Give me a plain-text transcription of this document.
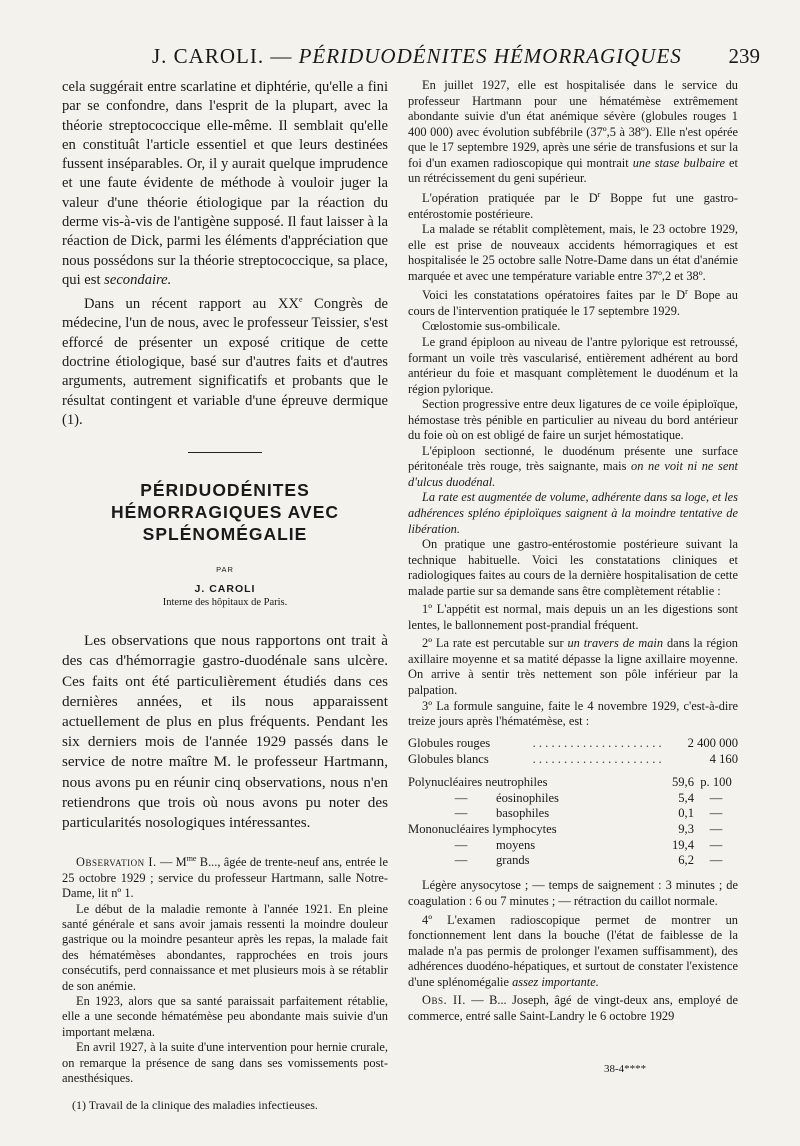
J. CAROLI. — PÉRIDUODÉNITES HÉMORRAGIQUES 239

cela suggérait entre scarlatine et diphtérie, qu'elle a fini par se confondre, dans l'esprit de la plupart, avec la théorie streptococcique elle-même. Il semblait qu'elle en constituât l'article essentiel et que leurs destinées fussent inséparables. Or, il y aurait quelque imprudence et une faute évidente de méthode à vouloir juger la valeur d'une théorie étiologique par la réaction du derme vis-à-vis de l'antigène supposé. Il faut laisser à la réaction de Dick, parmi les éléments d'appréciation que nous possédons sur la théorie streptococcique, sa place, qui est secondaire.

Dans un récent rapport au XXe Congrès de médecine, l'un de nous, avec le professeur Teissier, s'est efforcé de présenter un exposé critique de cette doctrine étiologique, basé sur d'autres faits et d'autres arguments, autrement significatifs et probants que le résultat contingent et variable d'une épreuve dermique (1).

PÉRIDUODÉNITES
HÉMORRAGIQUES AVEC
SPLÉNOMÉGALIE
PAR
J. CAROLI
Interne des hôpitaux de Paris.

Les observations que nous rapportons ont trait à des cas d'hémorragie gastro-duodénale sans ulcère. Ces faits ont été particulièrement étudiés dans ces dernières années, et ils nous apparaissent actuellement de plus en plus fréquents. Pendant les six derniers mois de l'année 1929 passés dans le service de notre maître M. le professeur Hartmann, nous avons pu en réunir cinq observations, nous n'en retiendrons que trois où nous avons pu noter des particularités nosologiques intéressantes.

Observation I. — $M^{me}$ B..., âgée de trente-neuf ans, entrée le 25 octobre 1929 ; service du professeur Hartmann, salle Notre-Dame, lit nº 1.

Le début de la maladie remonte à l'année 1921. En pleine santé générale et sans avoir jamais ressenti la moindre douleur gastrique ou la moindre pesanteur après les repas, la malade fait des hématémèses abondantes, rapprochées en trois jours consécutifs, perd connaissance et met plusieurs mois à se rétablir de son anémie.

En 1923, alors que sa santé paraissait parfaitement rétablie, elle a une seconde hématémèse peu abondante mais suivie d'un important melæna.

En avril 1927, à la suite d'une intervention pour hernie crurale, on remarque la présence de sang dans ses vomissements post-anesthésiques.

(1) Travail de la clinique des maladies infectieuses.

En juillet 1927, elle est hospitalisée dans le service du professeur Hartmann pour une hématémèse extrêmement abondante suivie d'un état anémique sévère (globules rouges 1 400 000) avec évolution subfébrile (37º,5 à 38º). Elle n'est opérée que le 17 septembre 1929, après une série de transfusions et sur la foi d'un examen radioscopique qui montrait une stase bulbaire et un rétrécissement du geni supérieur.

L'opération pratiquée par le $D^r$ Boppe fut une gastro-entérostomie postérieure.

La malade se rétablit complètement, mais, le 23 octobre 1929, elle est prise de nouveaux accidents hémorragiques et est hospitalisée le 25 octobre salle Notre-Dame dans un état d'anémie marquée et avec une température variable entre 37º,2 et 38º.

Voici les constatations opératoires faites par le $D^r$ Bope au cours de l'intervention pratiquée le 17 septembre 1929.

Cœlostomie sus-ombilicale.

Le grand épiploon au niveau de l'antre pylorique est retroussé, formant un voile très vascularisé, entièrement adhérent au bord antérieur du foie et masquant complètement le duodénum et la région pylorique.

Section progressive entre deux ligatures de ce voile épiploïque, hémostase très pénible en particulier au niveau du bord antérieur du foie où on est obligé de faire un surjet hémostatique.

L'épiploon sectionné, le duodénum présente une surface péritonéale très rouge, très saignante, mais on ne voit ni ne sent d'ulcus duodénal.

La rate est augmentée de volume, adhérente dans sa loge, et les adhérences spléno épiploïques saignent à la moindre tentative de libération.

On pratique une gastro-entérostomie postérieure suivant la technique habituelle. Voici les constatations cliniques et radiologiques faites au cours de la dernière hospitalisation de cette malade partie sur sa demande sans être complètement rétablie :

1º L'appétit est normal, mais depuis un an les digestions sont lentes, le ballonnement post-prandial fréquent.

2º La rate est percutable sur un travers de main dans la région axillaire moyenne et sa matité dépasse la ligne axillaire moyenne. On arrive à sentir très nettement son pôle inférieur par la palpation.

3º La formule sanguine, faite le 4 novembre 1929, c'est-à-dire treize jours après l'hématémèse, est :

Globules rouges	. . . . . . . . . . . . . . . . . . . . .	2 400 000
Globules blancs	. . . . . . . . . . . . . . . . . . . . .	4 160
Polynucléaires neutrophiles	59,6	p. 100
— éosinophiles	5,4	—
— basophiles	0,1	—
Mononucléaires lymphocytes	9,3	—
— moyens	19,4	—
— grands	6,2	—

Légère anysocytose ; — temps de saignement : 3 minutes ; de coagulation : 6 ou 7 minutes ; — rétraction du caillot normale.

4º L'examen radioscopique permet de montrer un fonctionnement lent dans la bouche (l'état de faiblesse de la malade n'a pas permis de prolonger l'examen suffisamment), des adhérences duodéno-hépatiques, et surtout de constater l'existence d'une splénomégalie assez importante.

Obs. II. — B... Joseph, âgé de vingt-deux ans, employé de commerce, entré salle Saint-Landry le 6 octobre 1929

38-4****
